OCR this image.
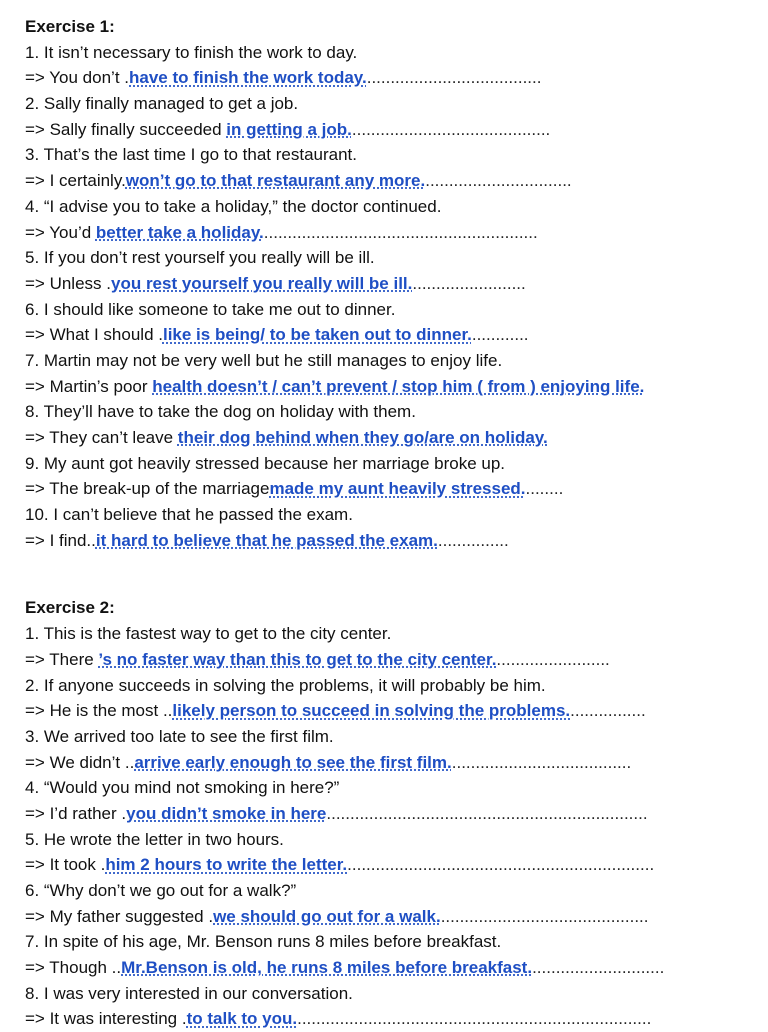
Exercise 1:
1. It isn’t necessary to finish the work to day.
=> You don’t .have to finish the work today......................................
2. Sally finally managed to get a job.
=> Sally finally succeeded in getting a job...........................................
3. That’s the last time I go to that restaurant.
=> I certainly.won’t go to that restaurant any more................................
4. “I advise you to take a holiday,” the doctor continued.
=> You’d better take a holiday...........................................................
5. If you don’t rest yourself you really will be ill.
=> Unless .you rest yourself you really will be ill.........................
6. I should like someone to take me out to dinner.
=> What I should .like is being/ to be taken out to dinner.............
7. Martin may not be very well but he still manages to enjoy life.
=> Martin’s poor health doesn’t / can’t prevent / stop him ( from ) enjoying life.
8. They’ll have to take the dog on holiday with them.
=> They can’t leave their dog behind when they go/are on holiday.
9. My aunt got heavily stressed because her marriage broke up.
=> The break-up of the marriagemade my aunt heavily stressed.........
10. I can’t believe that he passed the exam.
=> I find..it hard to believe that he passed the exam................
Exercise 2:
1. This is the fastest way to get to the city center.
=> There ’s no faster way than this to get to the city center.........................
2. If anyone succeeds in solving the problems, it will probably be him.
=> He is the most ..likely person to succeed in solving the problems.................
3. We arrived too late to see the first film.
=> We didn’t ..arrive early enough to see the first film.......................................
4. “Would you mind not smoking in here?”
=> I’d rather .you didn’t smoke in here....................................................................
5. He wrote the letter in two hours.
=> It took .him 2 hours to write the letter..................................................................
6. “Why don’t we go out for a walk?”
=> My father suggested .we should go out for a walk.............................................
7. In spite of his age, Mr. Benson runs 8 miles before breakfast.
=> Though ..Mr.Benson is old, he runs 8 miles before breakfast.............................
8. I was very interested in our conversation.
=> It was interesting .to talk to you............................................................................
